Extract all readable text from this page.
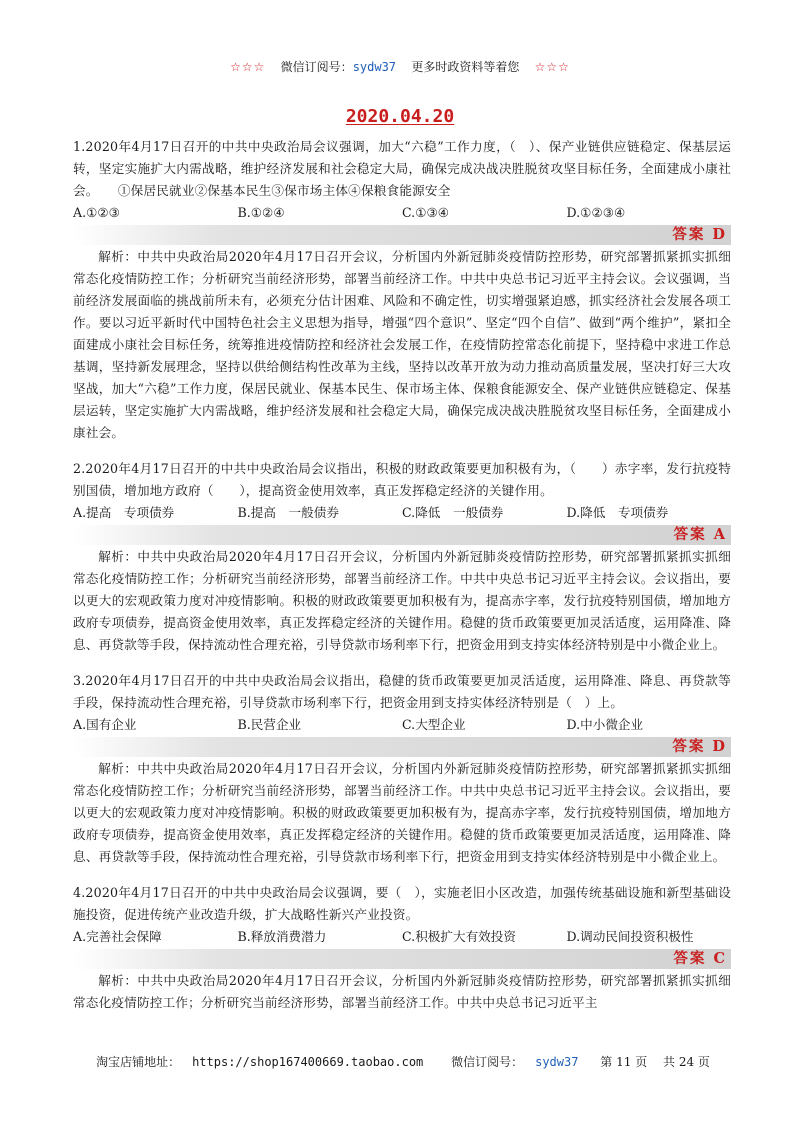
☆☆☆ 微信订阅号：sydw37 更多时政资料等着您 ☆☆☆
2020.04.20

1.2020年4月17日召开的中共中央政治局会议强调，加大“六稳”工作力度，（　）、保产业链供应链稳定、保基层运转，坚定实施扩大内需战略，维护经济发展和社会稳定大局，确保完成决战决胜脱贫攻坚目标任务，全面建成小康社会。　　①保居民就业②保基本民生③保市场主体④保粮食能源安全

A.①②③	B.①②④	C.①③④	D.①②③④
答案 D

解析：中共中央政治局2020年4月17日召开会议，分析国内外新冠肺炎疫情防控形势，研究部署抓紧抓实抓细常态化疫情防控工作；分析研究当前经济形势，部署当前经济工作。中共中央总书记习近平主持会议。会议强调，当前经济发展面临的挑战前所未有，必须充分估计困难、风险和不确定性，切实增强紧迫感，抓实经济社会发展各项工作。要以习近平新时代中国特色社会主义思想为指导，增强“四个意识”、坚定“四个自信”、做到“两个维护”，紧扣全面建成小康社会目标任务，统筹推进疫情防控和经济社会发展工作，在疫情防控常态化前提下，坚持稳中求进工作总基调，坚持新发展理念，坚持以供给侧结构性改革为主线，坚持以改革开放为动力推动高质量发展，坚决打好三大攻坚战，加大“六稳”工作力度，保居民就业、保基本民生、保市场主体、保粮食能源安全、保产业链供应链稳定、保基层运转，坚定实施扩大内需战略，维护经济发展和社会稳定大局，确保完成决战决胜脱贫攻坚目标任务，全面建成小康社会。

2.2020年4月17日召开的中共中央政治局会议指出，积极的财政政策要更加积极有为，（　　）赤字率，发行抗疫特别国债，增加地方政府（　　），提高资金使用效率，真正发挥稳定经济的关键作用。

A.提高　专项债券	B.提高　一般债券	C.降低　一般债券	D.降低　专项债券
答案 A

解析：中共中央政治局2020年4月17日召开会议，分析国内外新冠肺炎疫情防控形势，研究部署抓紧抓实抓细常态化疫情防控工作；分析研究当前经济形势，部署当前经济工作。中共中央总书记习近平主持会议。会议指出，要以更大的宏观政策力度对冲疫情影响。积极的财政政策要更加积极有为，提高赤字率，发行抗疫特别国债，增加地方政府专项债券，提高资金使用效率，真正发挥稳定经济的关键作用。稳健的货币政策要更加灵活适度，运用降准、降息、再贷款等手段，保持流动性合理充裕，引导贷款市场利率下行，把资金用到支持实体经济特别是中小微企业上。

3.2020年4月17日召开的中共中央政治局会议指出，稳健的货币政策要更加灵活适度，运用降准、降息、再贷款等手段，保持流动性合理充裕，引导贷款市场利率下行，把资金用到支持实体经济特别是（　）上。

A.国有企业	B.民营企业	C.大型企业	D.中小微企业
答案 D

解析：中共中央政治局2020年4月17日召开会议，分析国内外新冠肺炎疫情防控形势，研究部署抓紧抓实抓细常态化疫情防控工作；分析研究当前经济形势，部署当前经济工作。中共中央总书记习近平主持会议。会议指出，要以更大的宏观政策力度对冲疫情影响。积极的财政政策要更加积极有为，提高赤字率，发行抗疫特别国债，增加地方政府专项债券，提高资金使用效率，真正发挥稳定经济的关键作用。稳健的货币政策要更加灵活适度，运用降准、降息、再贷款等手段，保持流动性合理充裕，引导贷款市场利率下行，把资金用到支持实体经济特别是中小微企业上。

4.2020年4月17日召开的中共中央政治局会议强调，要（　），实施老旧小区改造，加强传统基础设施和新型基础设施投资，促进传统产业改造升级，扩大战略性新兴产业投资。

A.完善社会保障	B.释放消费潜力	C.积极扩大有效投资	D.调动民间投资积极性
答案 C

解析：中共中央政治局2020年4月17日召开会议，分析国内外新冠肺炎疫情防控形势，研究部署抓紧抓实抓细常态化疫情防控工作；分析研究当前经济形势，部署当前经济工作。中共中央总书记习近平主

淘宝店铺地址： https://shop167400669.taobao.com 微信订阅号： sydw37 第 11 页　 共 24 页
